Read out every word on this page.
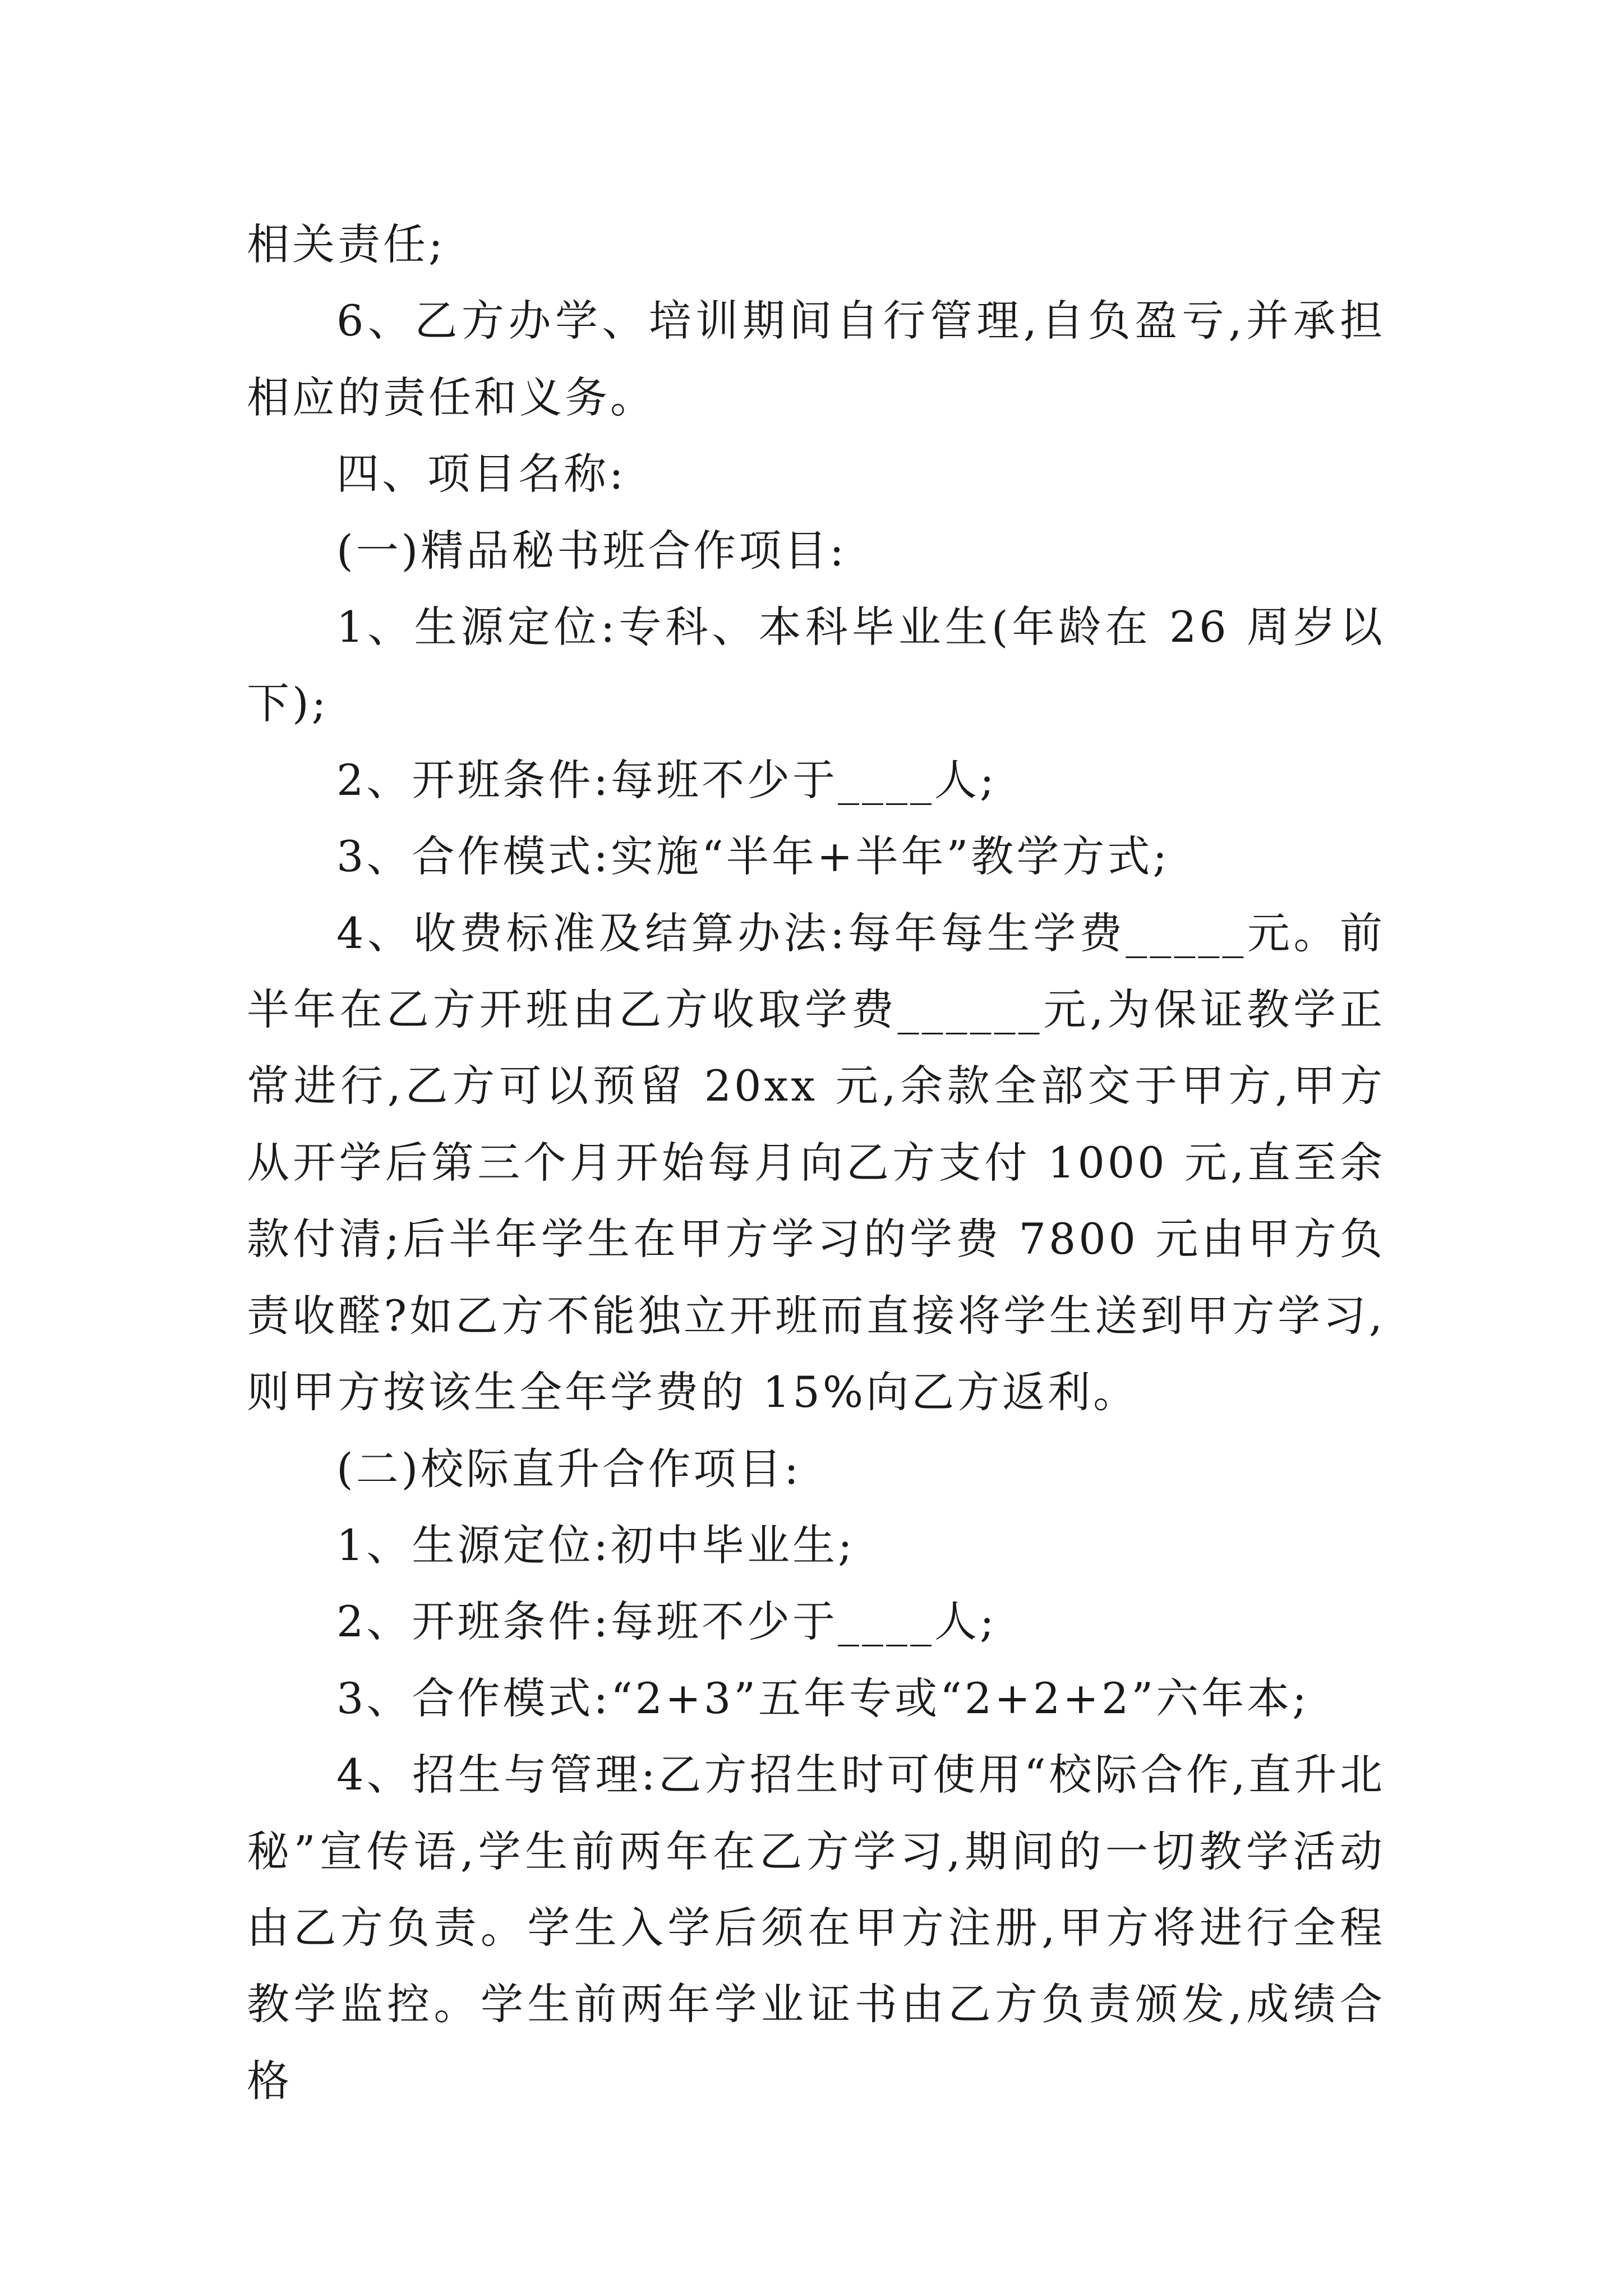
相关责任;

6、乙方办学、培训期间自行管理,自负盈亏,并承担相应的责任和义务。

四、项目名称:

(一)精品秘书班合作项目:

1、生源定位:专科、本科毕业生(年龄在 26 周岁以下);

2、开班条件:每班不少于____人;

3、合作模式:实施“半年+半年”教学方式;

4、收费标准及结算办法:每年每生学费_____元。前半年在乙方开班由乙方收取学费______元,为保证教学正常进行,乙方可以预留 20xx 元,余款全部交于甲方,甲方从开学后第三个月开始每月向乙方支付 1000 元,直至余款付清;后半年学生在甲方学习的学费 7800 元由甲方负责收醛?如乙方不能独立开班而直接将学生送到甲方学习,则甲方按该生全年学费的 15%向乙方返利。

(二)校际直升合作项目:

1、生源定位:初中毕业生;

2、开班条件:每班不少于____人;

3、合作模式:“2+3”五年专或“2+2+2”六年本;

4、招生与管理:乙方招生时可使用“校际合作,直升北秘”宣传语,学生前两年在乙方学习,期间的一切教学活动由乙方负责。学生入学后须在甲方注册,甲方将进行全程教学监控。学生前两年学业证书由乙方负责颁发,成绩合格
